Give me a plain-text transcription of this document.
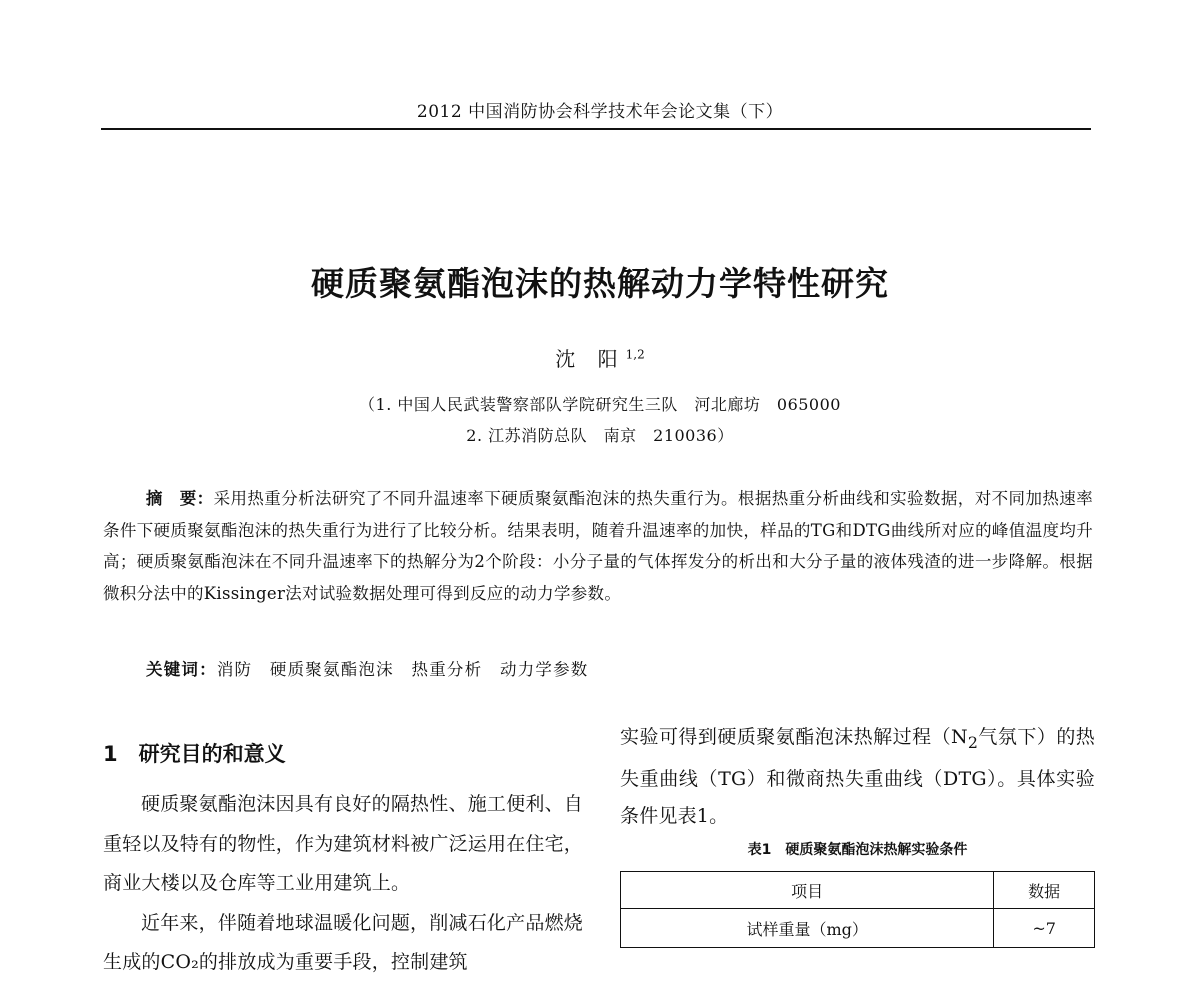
2012 中国消防协会科学技术年会论文集（下）
硬质聚氨酯泡沫的热解动力学特性研究
沈 阳$^{1,2}$
（1. 中国人民武装警察部队学院研究生三队　河北廊坊　065000
2. 江苏消防总队　南京　210036）
摘　要：采用热重分析法研究了不同升温速率下硬质聚氨酯泡沫的热失重行为。根据热重分析曲线和实验数据，对不同加热速率条件下硬质聚氨酯泡沫的热失重行为进行了比较分析。结果表明，随着升温速率的加快，样品的TG和DTG曲线所对应的峰值温度均升高；硬质聚氨酯泡沫在不同升温速率下的热解分为2个阶段：小分子量的气体挥发分的析出和大分子量的液体残渣的进一步降解。根据微积分法中的Kissinger法对试验数据处理可得到反应的动力学参数。
关键词：消防　硬质聚氨酯泡沫　热重分析　动力学参数
1　 研究目的和意义

硬质聚氨酯泡沫因具有良好的隔热性、施工便利、自重轻以及特有的物性，作为建筑材料被广泛运用在住宅，商业大楼以及仓库等工业用建筑上。

近年来，伴随着地球温暖化问题，削减石化产品燃烧生成的CO₂的排放成为重要手段，控制建筑

实验可得到硬质聚氨酯泡沫热解过程（$N_2$气氛下）的热失重曲线（TG）和微商热失重曲线（DTG）。具体实验条件见表1。

表1　硬质聚氨酯泡沫热解实验条件
项目	数据
试样重量（mg）	~7
